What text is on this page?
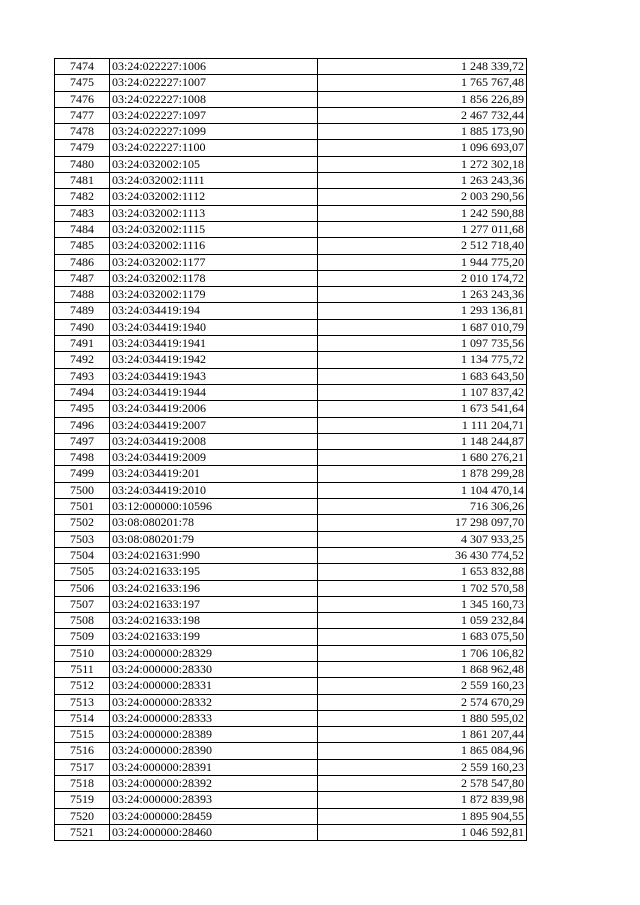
7474	03:24:022227:1006	1 248 339,72
7475	03:24:022227:1007	1 765 767,48
7476	03:24:022227:1008	1 856 226,89
7477	03:24:022227:1097	2 467 732,44
7478	03:24:022227:1099	1 885 173,90
7479	03:24:022227:1100	1 096 693,07
7480	03:24:032002:105	1 272 302,18
7481	03:24:032002:1111	1 263 243,36
7482	03:24:032002:1112	2 003 290,56
7483	03:24:032002:1113	1 242 590,88
7484	03:24:032002:1115	1 277 011,68
7485	03:24:032002:1116	2 512 718,40
7486	03:24:032002:1177	1 944 775,20
7487	03:24:032002:1178	2 010 174,72
7488	03:24:032002:1179	1 263 243,36
7489	03:24:034419:194	1 293 136,81
7490	03:24:034419:1940	1 687 010,79
7491	03:24:034419:1941	1 097 735,56
7492	03:24:034419:1942	1 134 775,72
7493	03:24:034419:1943	1 683 643,50
7494	03:24:034419:1944	1 107 837,42
7495	03:24:034419:2006	1 673 541,64
7496	03:24:034419:2007	1 111 204,71
7497	03:24:034419:2008	1 148 244,87
7498	03:24:034419:2009	1 680 276,21
7499	03:24:034419:201	1 878 299,28
7500	03:24:034419:2010	1 104 470,14
7501	03:12:000000:10596	716 306,26
7502	03:08:080201:78	17 298 097,70
7503	03:08:080201:79	4 307 933,25
7504	03:24:021631:990	36 430 774,52
7505	03:24:021633:195	1 653 832,88
7506	03:24:021633:196	1 702 570,58
7507	03:24:021633:197	1 345 160,73
7508	03:24:021633:198	1 059 232,84
7509	03:24:021633:199	1 683 075,50
7510	03:24:000000:28329	1 706 106,82
7511	03:24:000000:28330	1 868 962,48
7512	03:24:000000:28331	2 559 160,23
7513	03:24:000000:28332	2 574 670,29
7514	03:24:000000:28333	1 880 595,02
7515	03:24:000000:28389	1 861 207,44
7516	03:24:000000:28390	1 865 084,96
7517	03:24:000000:28391	2 559 160,23
7518	03:24:000000:28392	2 578 547,80
7519	03:24:000000:28393	1 872 839,98
7520	03:24:000000:28459	1 895 904,55
7521	03:24:000000:28460	1 046 592,81
